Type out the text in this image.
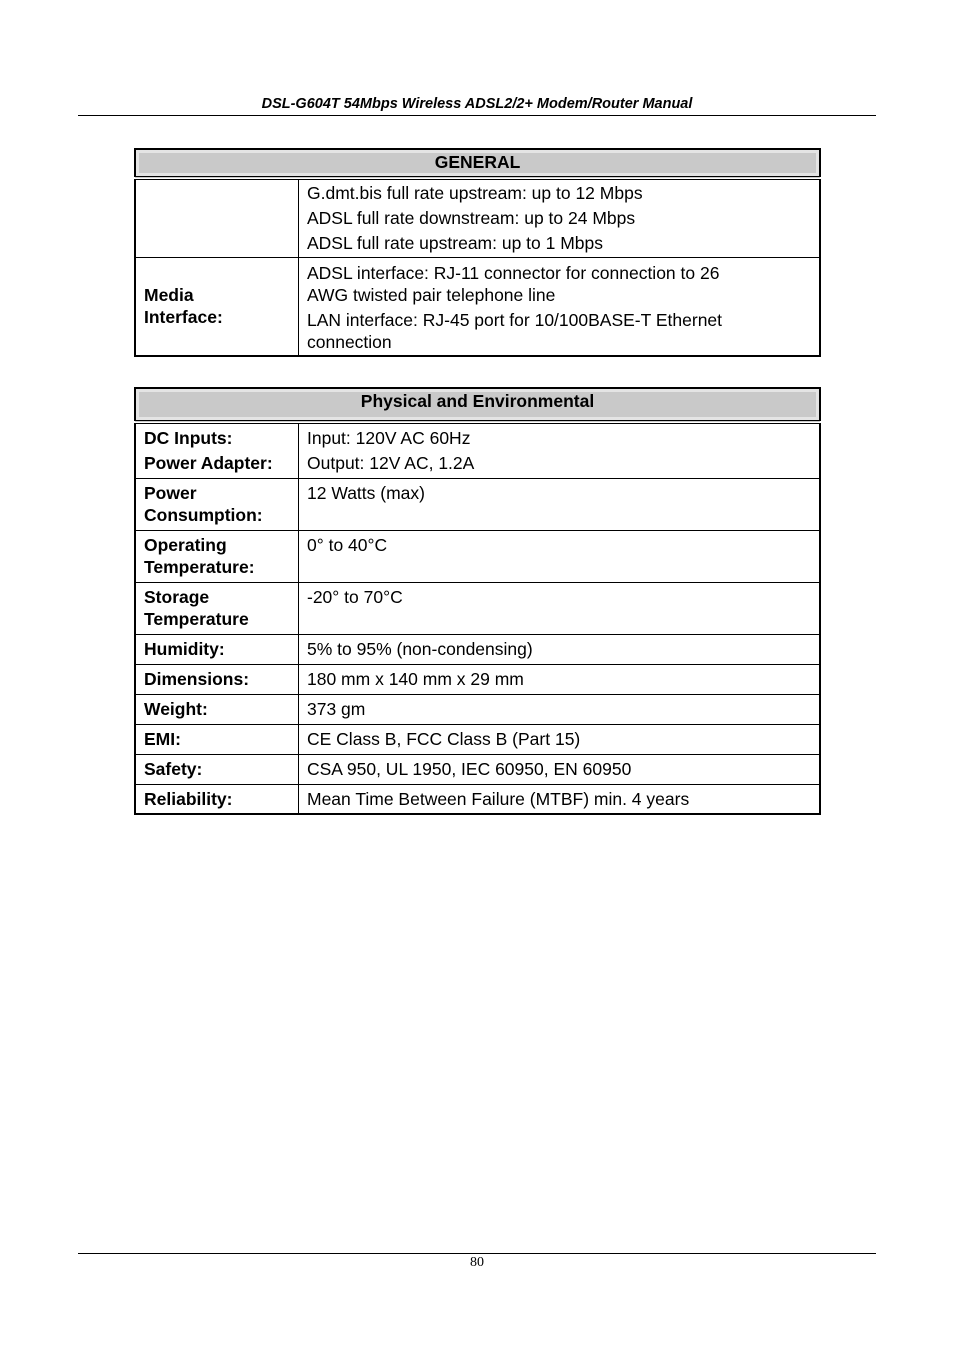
DSL-G604T 54Mbps Wireless ADSL2/2+ Modem/Router Manual
GENERAL	

	G.dmt.bis full rate upstream: up to 12 Mbps
ADSL full rate downstream: up to 24 Mbps
ADSL full rate upstream: up to 1 Mbps

Media
Interface:	ADSL interface: RJ-11 connector for connection to 26
AWG twisted pair telephone line
LAN interface: RJ-45 port for 10/100BASE-T Ethernet
connection
Physical and Environmental	

DC Inputs:
Power Adapter:	Input: 120V AC 60Hz
Output: 12V AC, 1.2A

Power
Consumption:	12 Watts (max)

Operating
Temperature:	0° to 40°C

Storage
Temperature	-20° to 70°C

Humidity:	5% to 95% (non-condensing)

Dimensions:	180 mm x 140 mm x 29 mm

Weight:	373 gm

EMI:	CE Class B, FCC Class B (Part 15)

Safety:	CSA 950, UL 1950, IEC 60950, EN 60950

Reliability:	Mean Time Between Failure (MTBF) min. 4 years
80
